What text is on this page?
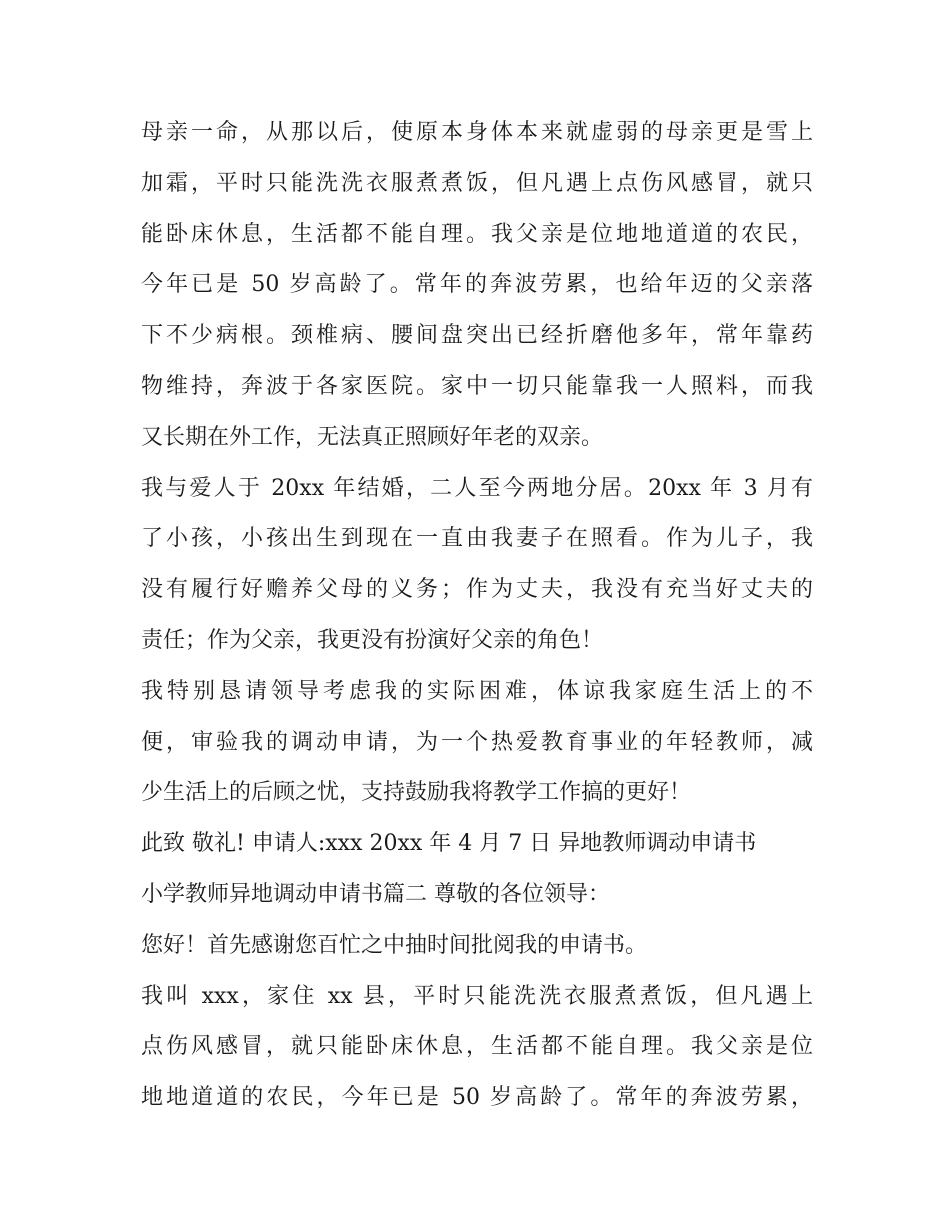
母亲一命，从那以后，使原本身体本来就虚弱的母亲更是雪上
加霜，平时只能洗洗衣服煮煮饭，但凡遇上点伤风感冒，就只
能卧床休息，生活都不能自理。我父亲是位地地道道的农民，
今年已是 50 岁高龄了。常年的奔波劳累，也给年迈的父亲落
下不少病根。颈椎病、腰间盘突出已经折磨他多年，常年靠药
物维持，奔波于各家医院。家中一切只能靠我一人照料，而我
又长期在外工作，无法真正照顾好年老的双亲。
我与爱人于 20xx 年结婚，二人至今两地分居。20xx 年 3 月有
了小孩，小孩出生到现在一直由我妻子在照看。作为儿子，我
没有履行好赡养父母的义务；作为丈夫，我没有充当好丈夫的
责任；作为父亲，我更没有扮演好父亲的角色！
我特别恳请领导考虑我的实际困难，体谅我家庭生活上的不
便，审验我的调动申请，为一个热爱教育事业的年轻教师，减
少生活上的后顾之忧，支持鼓励我将教学工作搞的更好！
此致 敬礼! 申请人:xxx 20xx 年 4 月 7 日 异地教师调动申请书
小学教师异地调动申请书篇二 尊敬的各位领导：
您好！首先感谢您百忙之中抽时间批阅我的申请书。
我叫 xxx，家住 xx 县，平时只能洗洗衣服煮煮饭，但凡遇上
点伤风感冒，就只能卧床休息，生活都不能自理。我父亲是位
地地道道的农民，今年已是 50 岁高龄了。常年的奔波劳累，
